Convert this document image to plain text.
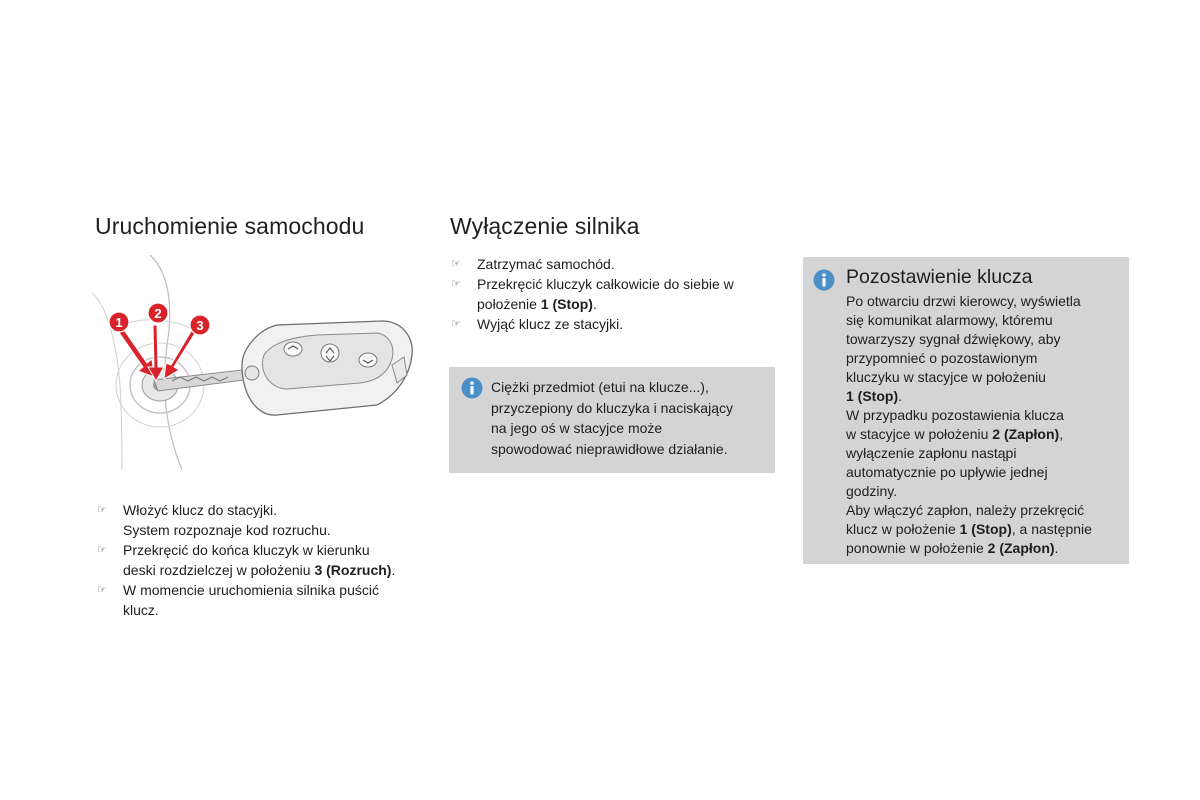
Uruchomienie samochodu
1
2
3
☞ Włożyć klucz do stacyjki.
System rozpoznaje kod rozruchu.
☞ Przekręcić do końca kluczyk w kierunku
deski rozdzielczej w położeniu 3 (Rozruch).
☞ W momencie uruchomienia silnika puścić
klucz.
Wyłączenie silnika
☞ Zatrzymać samochód.
☞ Przekręcić kluczyk całkowicie do siebie w
położenie 1 (Stop).
☞ Wyjąć klucz ze stacyjki.
Ciężki przedmiot (etui na klucze...),
przyczepiony do kluczyka i naciskający
na jego oś w stacyjce może
spowodować nieprawidłowe działanie.
Pozostawienie klucza
Po otwarciu drzwi kierowcy, wyświetla
się komunikat alarmowy, któremu
towarzyszy sygnał dźwiękowy, aby
przypomnieć o pozostawionym
kluczyku w stacyjce w położeniu
1 (Stop).
W przypadku pozostawienia klucza
w stacyjce w położeniu 2 (Zapłon),
wyłączenie zapłonu nastąpi
automatycznie po upływie jednej
godziny.
Aby włączyć zapłon, należy przekręcić
klucz w położenie 1 (Stop), a następnie
ponownie w położenie 2 (Zapłon).
